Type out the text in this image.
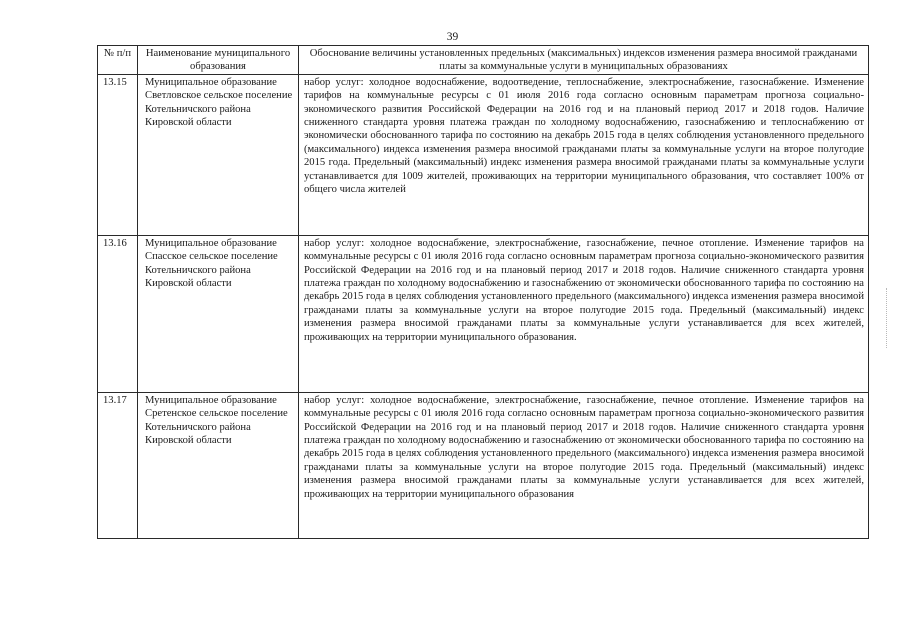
39
№ п/п	Наименование муниципального образования	Обоснование величины установленных предельных (максимальных) индексов изменения размера вносимой гражданами платы за коммунальные услуги в муниципальных образованиях
13.15	Муниципальное образование Светловское сельское поселение Котельничского района Кировской области	набор услуг: холодное водоснабжение, водоотведение, теплоснабжение, электроснабжение, газоснабжение. Изменение тарифов на коммунальные ресурсы с 01 июля 2016 года согласно основным параметрам прогноза социально-экономического развития Российской Федерации на 2016 год и на плановый период 2017 и 2018 годов. Наличие сниженного стандарта уровня платежа граждан по холодному водоснабжению, газоснабжению и теплоснабжению от экономически обоснованного тарифа по состоянию на декабрь 2015 года в целях соблюдения установленного предельного (максимального) индекса изменения размера вносимой гражданами платы за коммунальные услуги на второе полугодие 2015 года. Предельный (максимальный) индекс изменения размера вносимой гражданами платы за коммунальные услуги устанавливается для 1009 жителей, проживающих на территории муниципального образования, что составляет 100% от общего числа жителей
13.16	Муниципальное образование Спасское сельское поселение Котельничского района Кировской области	набор услуг: холодное водоснабжение, электроснабжение, газоснабжение, печное отопление. Изменение тарифов на коммунальные ресурсы с 01 июля 2016 года согласно основным параметрам прогноза социально-экономического развития Российской Федерации на 2016 год и на плановый период 2017 и 2018 годов. Наличие сниженного стандарта уровня платежа граждан по холодному водоснабжению и газоснабжению от экономически обоснованного тарифа по состоянию на декабрь 2015 года в целях соблюдения установленного предельного (максимального) индекса изменения размера вносимой гражданами платы за коммунальные услуги на второе полугодие 2015 года. Предельный (максимальный) индекс изменения размера вносимой гражданами платы за коммунальные услуги устанавливается для всех жителей, проживающих на территории муниципального образования.
13.17	Муниципальное образование Сретенское сельское поселение Котельничского района Кировской области	набор услуг: холодное водоснабжение, электроснабжение, газоснабжение, печное отопление. Изменение тарифов на коммунальные ресурсы с 01 июля 2016 года согласно основным параметрам прогноза социально-экономического развития Российской Федерации на 2016 год и на плановый период 2017 и 2018 годов. Наличие сниженного стандарта уровня платежа граждан по холодному водоснабжению и газоснабжению от экономически обоснованного тарифа по состоянию на декабрь 2015 года в целях соблюдения установленного предельного (максимального) индекса изменения размера вносимой гражданами платы за коммунальные услуги на второе полугодие 2015 года. Предельный (максимальный) индекс изменения размера вносимой гражданами платы за коммунальные услуги устанавливается для всех жителей, проживающих на территории муниципального образования
